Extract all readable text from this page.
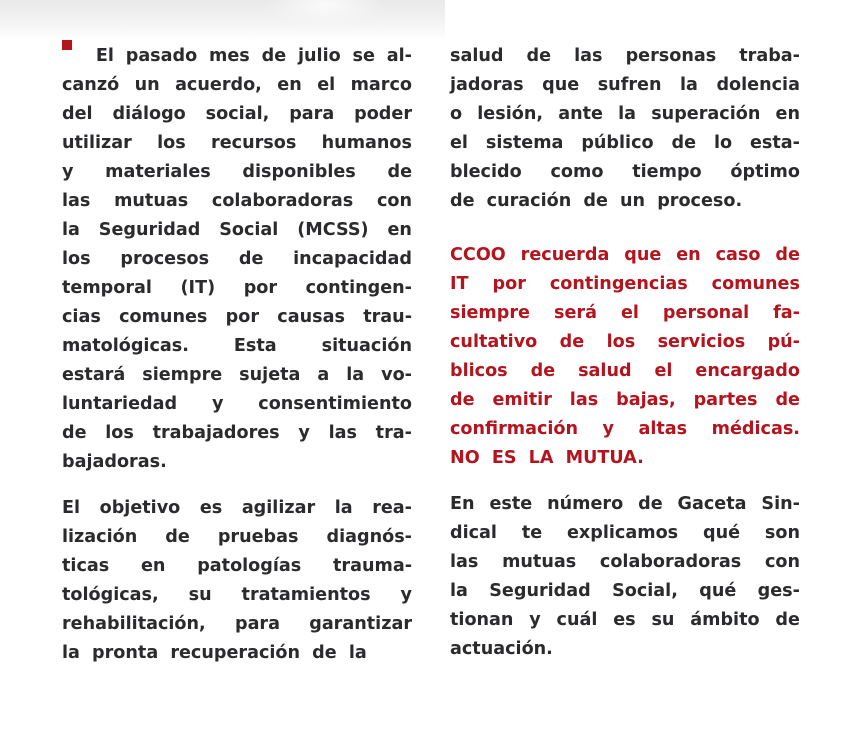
El pasado mes de julio se al-
canzó un acuerdo, en el marco
del diálogo social, para poder
utilizar los recursos humanos
y materiales disponibles de
las mutuas colaboradoras con
la Seguridad Social (MCSS) en
los procesos de incapacidad
temporal (IT) por contingen-
cias comunes por causas trau-
matológicas.	Esta	situación
estará siempre sujeta a la vo-
luntariedad y consentimiento
de los trabajadores y las tra-
bajadoras.
El objetivo es agilizar la rea-
lización de pruebas diagnós-
ticas en patologías trauma-
tológicas, su tratamientos y
rehabilitación, para garantizar
la pronta recuperación de la
salud de las personas traba-
jadoras que sufren la dolencia
o lesión, ante la superación en
el sistema público de lo esta-
blecido como tiempo óptimo
de curación de un proceso.
CCOO recuerda que en caso de
IT por contingencias comunes
siempre será el personal fa-
cultativo de los servicios pú-
blicos de salud el encargado
de emitir las bajas, partes de
confirmación y altas médicas.
NO ES LA MUTUA.
En este número de Gaceta Sin-
dical te explicamos qué son
las mutuas colaboradoras con
la Seguridad Social, qué ges-
tionan y cuál es su ámbito de
actuación.
